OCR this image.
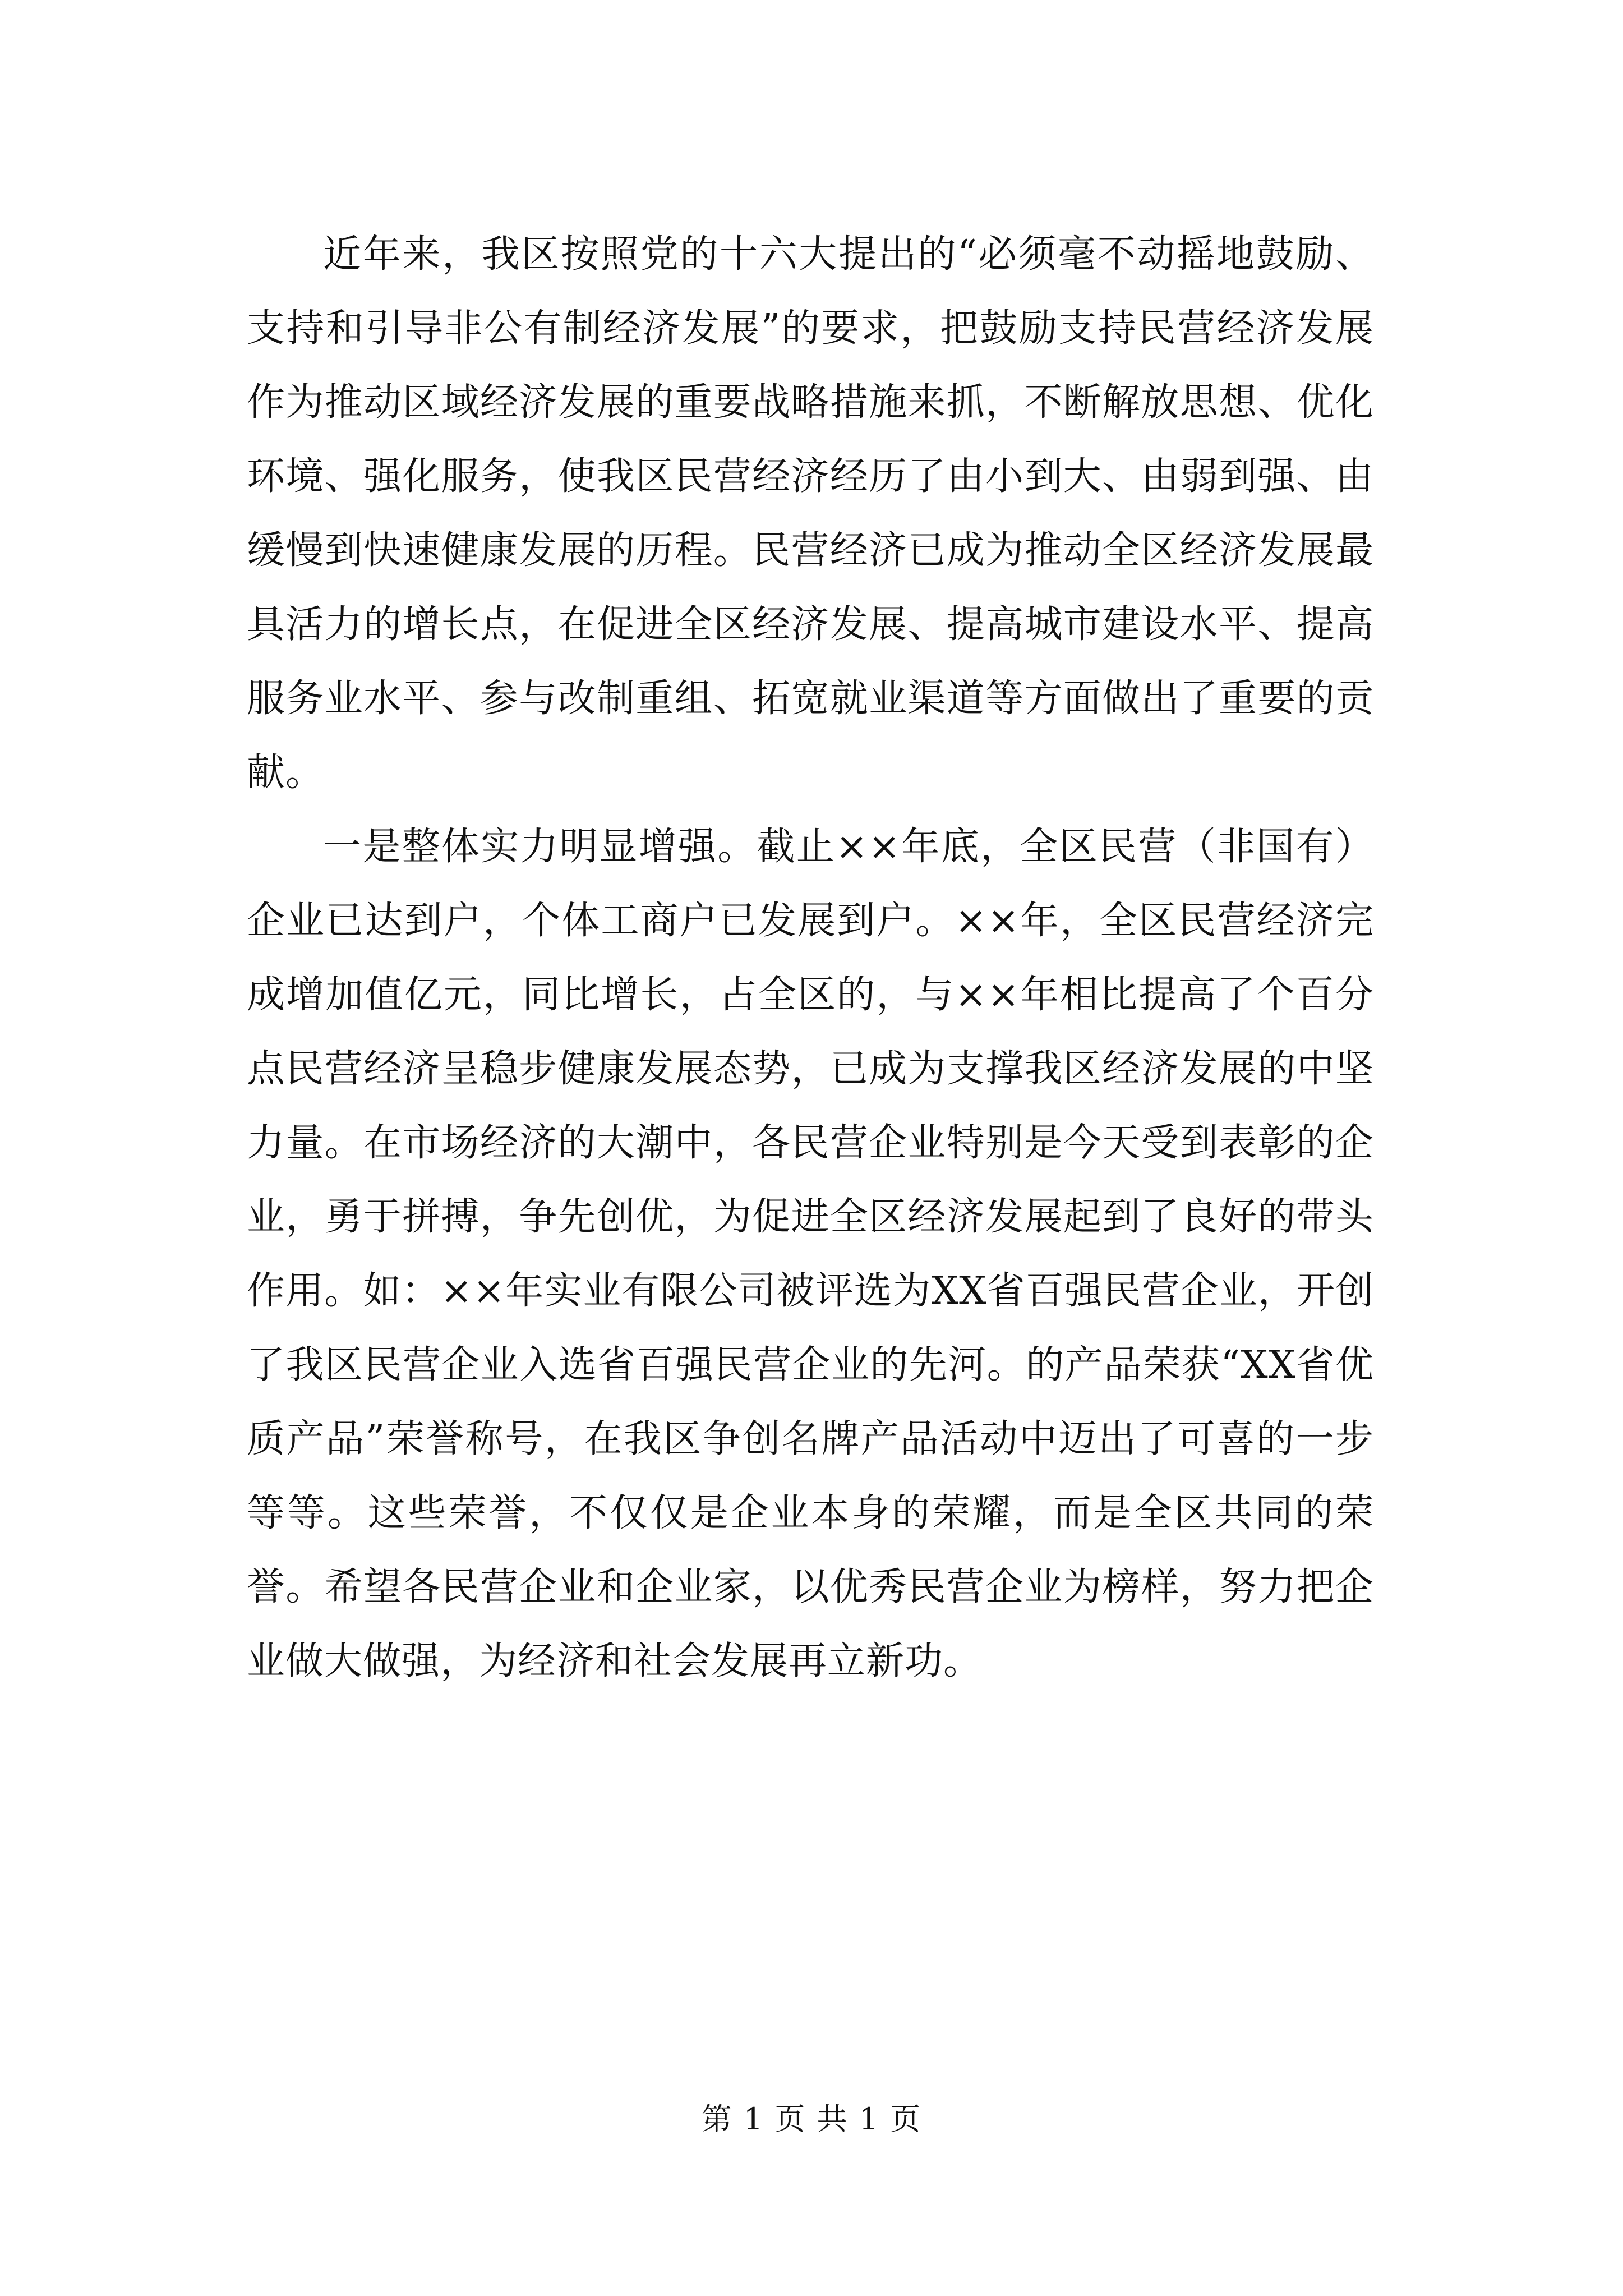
近年来，我区按照党的十六大提出的“必须毫不动摇地鼓励、支持和引导非公有制经济发展”的要求，把鼓励支持民营经济发展作为推动区域经济发展的重要战略措施来抓，不断解放思想、优化环境、强化服务，使我区民营经济经历了由小到大、由弱到强、由缓慢到快速健康发展的历程。民营经济已成为推动全区经济发展最具活力的增长点，在促进全区经济发展、提高城市建设水平、提高服务业水平、参与改制重组、拓宽就业渠道等方面做出了重要的贡献。

一是整体实力明显增强。截止××年底，全区民营（非国有）企业已达到户，个体工商户已发展到户。××年，全区民营经济完成增加值亿元，同比增长，占全区的，与××年相比提高了个百分点民营经济呈稳步健康发展态势，已成为支撑我区经济发展的中坚力量。在市场经济的大潮中，各民营企业特别是今天受到表彰的企业，勇于拼搏，争先创优，为促进全区经济发展起到了良好的带头作用。如：××年实业有限公司被评选为XX省百强民营企业，开创了我区民营企业入选省百强民营企业的先河。的产品荣获“XX省优质产品”荣誉称号，在我区争创名牌产品活动中迈出了可喜的一步等等。这些荣誉，不仅仅是企业本身的荣耀，而是全区共同的荣誉。希望各民营企业和企业家，以优秀民营企业为榜样，努力把企业做大做强，为经济和社会发展再立新功。

第 1 页 共 1 页
